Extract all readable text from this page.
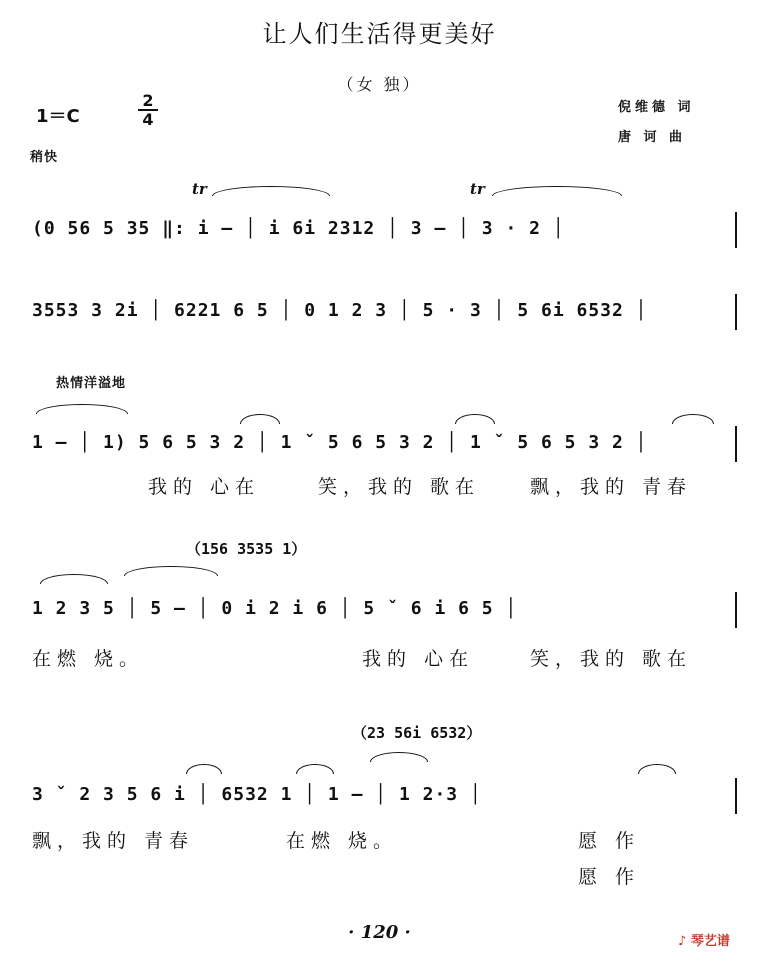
让人们生活得更美好
（女 独）
1＝C
2
4
倪维德 词
唐 诃 曲
稍快
tr	tr
(0 56 5 35 ‖: i – │ i 6i 2312 │ 3 – │ 3 · 2 │
3553 3 2i │ 6221 6 5 │ 0 1 2 3 │ 5 · 3 │ 5 6i 6532 │
热情洋溢地
1 – │ 1) 5 6 5 3 2 │ 1 ˇ 5 6 5 3 2 │ 1 ˇ 5 6 5 3 2 │
我的 心在	笑，我的 歌在	飘，我的 青春
（156 3535 1）
1 2 3 5 │ 5 – │ 0 i 2 i 6 │ 5 ˇ 6 i 6 5 │
在燃 烧。	我的 心在	笑，我的 歌在
（23 56i 6532）
3 ˇ 2 3 5 6 i │ 6532 1 │ 1 – │ 1 2·3 │
飘，我的 青春	在燃 烧。	愿 作
愿 作
· 120 ·	♪ 琴艺谱
